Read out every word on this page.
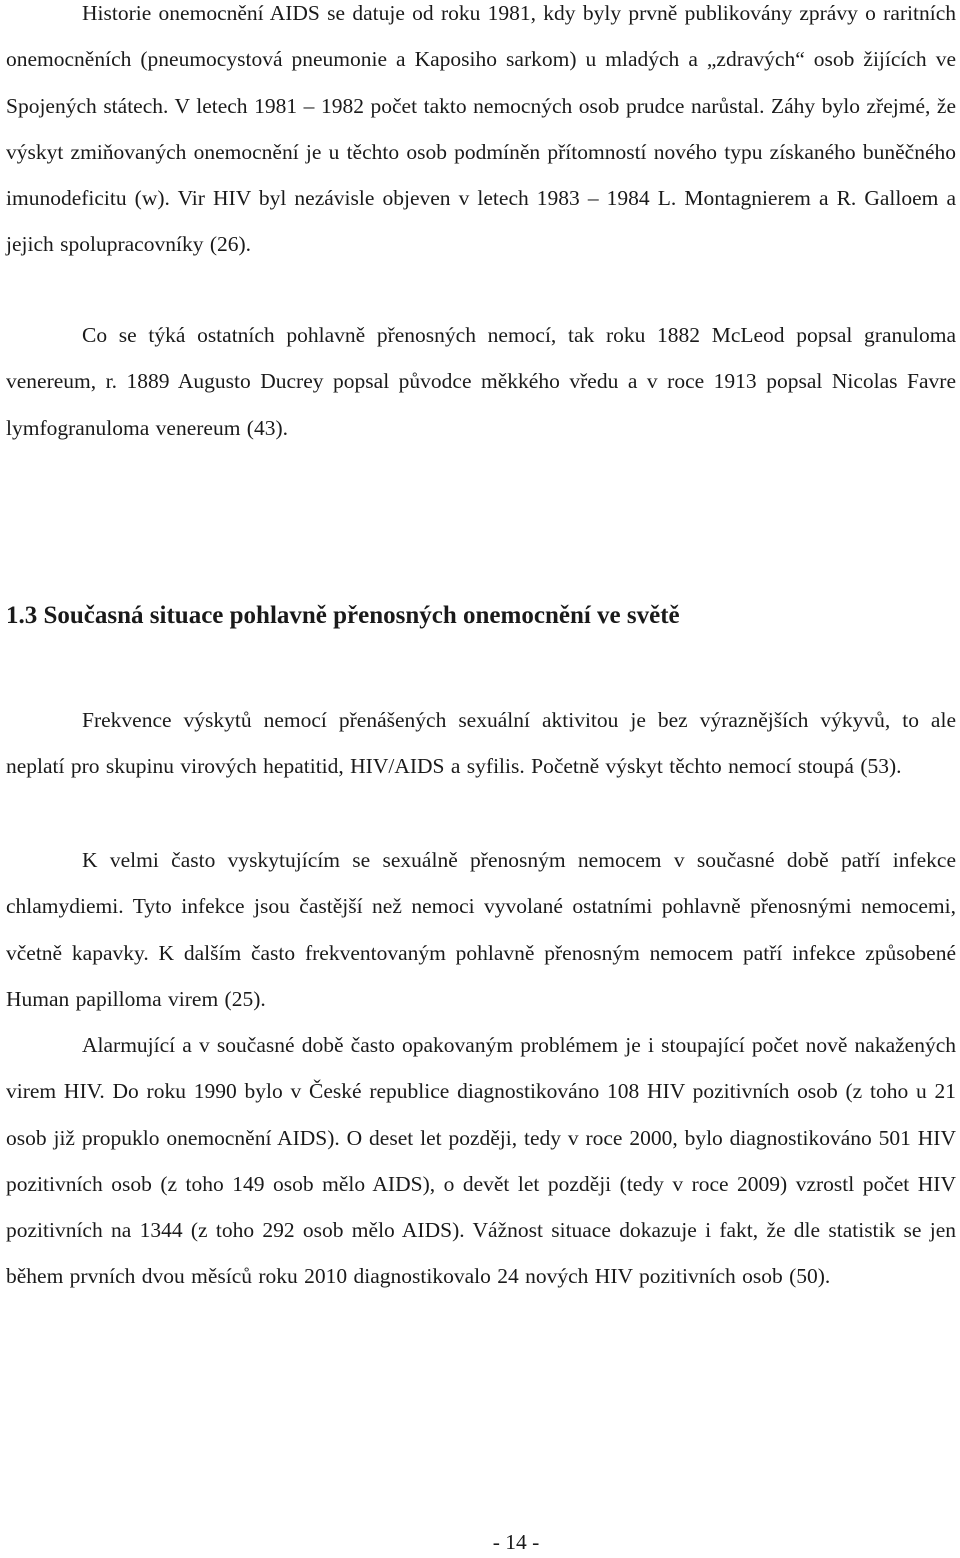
Historie onemocnění AIDS se datuje od roku 1981, kdy byly prvně publikovány zprávy o raritních onemocněních (pneumocystová pneumonie a Kaposiho sarkom) u mladých a „zdravých“ osob žijících ve Spojených státech. V letech 1981 – 1982 počet takto nemocných osob prudce narůstal. Záhy bylo zřejmé, že výskyt zmiňovaných onemocnění je u těchto osob podmíněn přítomností nového typu získaného buněčného imunodeficitu (w). Vir HIV byl nezávisle objeven v letech 1983 – 1984 L. Montagnierem a R. Galloem a jejich spolupracovníky (26).

Co se týká ostatních pohlavně přenosných nemocí, tak roku 1882 McLeod popsal granuloma venereum, r. 1889 Augusto Ducrey popsal původce měkkého vředu a v roce 1913 popsal Nicolas Favre lymfogranuloma venereum (43).

1.3 Současná situace pohlavně přenosných onemocnění ve světě

Frekvence výskytů nemocí přenášených sexuální aktivitou je bez výraznějších výkyvů, to ale neplatí pro skupinu virových hepatitid, HIV/AIDS a syfilis. Početně výskyt těchto nemocí stoupá (53).

K velmi často vyskytujícím se sexuálně přenosným nemocem v současné době patří infekce chlamydiemi. Tyto infekce jsou častější než nemoci vyvolané ostatními pohlavně přenosnými nemocemi, včetně kapavky. K dalším často frekventovaným pohlavně přenosným nemocem patří infekce způsobené Human papilloma virem (25).

Alarmující a v současné době často opakovaným problémem je i stoupající počet nově nakažených virem HIV. Do roku 1990 bylo v České republice diagnostikováno 108 HIV pozitivních osob (z toho u 21 osob již propuklo onemocnění AIDS). O deset let později, tedy v roce 2000, bylo diagnostikováno 501 HIV pozitivních osob (z toho 149 osob mělo AIDS), o devět let později (tedy v roce 2009) vzrostl počet HIV pozitivních na 1344 (z toho 292 osob mělo AIDS). Vážnost situace dokazuje i fakt, že dle statistik se jen během prvních dvou měsíců roku 2010 diagnostikovalo 24 nových HIV pozitivních osob (50).

- 14 -
